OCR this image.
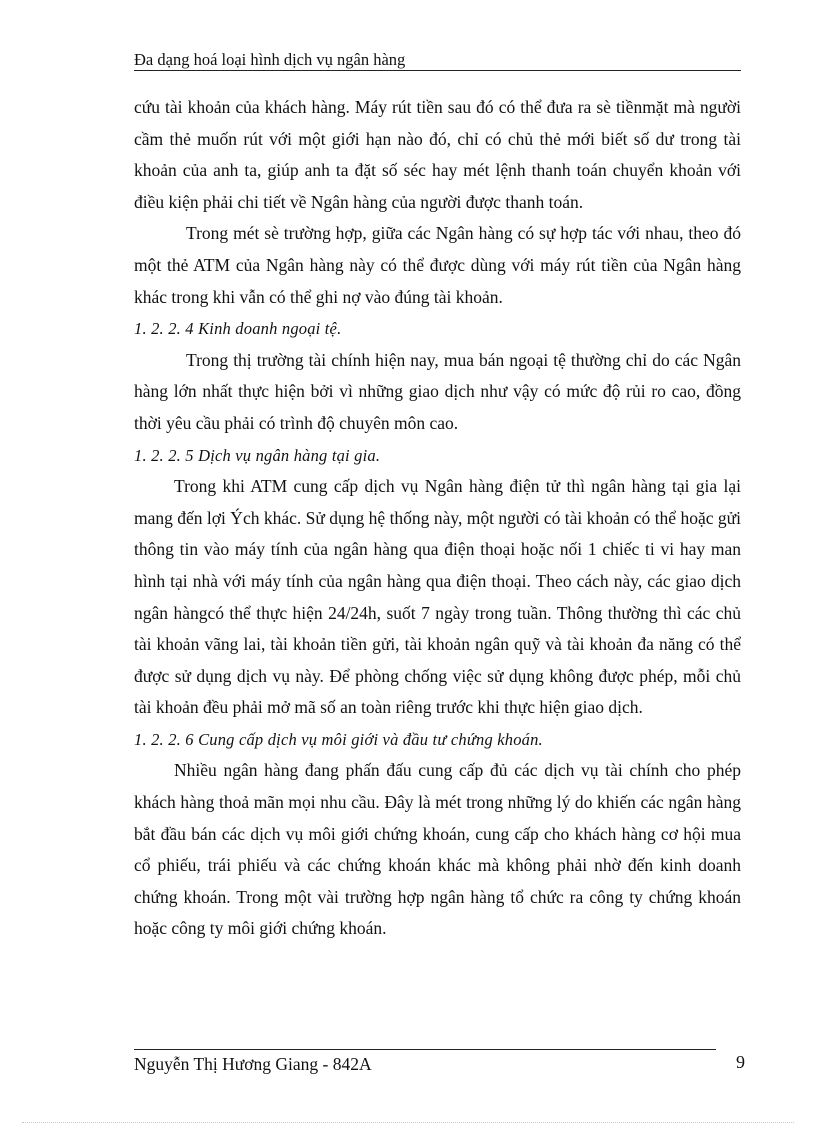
Đa dạng hoá loại hình dịch vụ ngân hàng

cứu tài khoản của khách hàng. Máy rút tiền sau đó có thể đưa ra sè tiềnmặt mà người cầm thẻ muốn rút với một giới hạn nào đó, chỉ có chủ thẻ mới biết số dư trong tài khoản của anh ta, giúp anh ta đặt số séc hay mét lệnh thanh toán chuyển khoản với điều kiện phải chi tiết về Ngân hàng của người được thanh toán.

Trong mét sè trường hợp, giữa các Ngân hàng có sự hợp tác với nhau, theo đó một thẻ ATM của Ngân hàng này có thể được dùng với máy rút tiền của Ngân hàng khác trong khi vẫn có thể ghi nợ vào đúng tài khoản.

1. 2. 2. 4 Kinh doanh ngoại tệ.

Trong thị trường tài chính hiện nay, mua bán ngoại tệ thường chỉ do các Ngân hàng lớn nhất thực hiện bởi vì những giao dịch như vậy có mức độ rủi ro cao, đồng thời yêu cầu phải có trình độ chuyên môn cao.

1. 2. 2. 5 Dịch vụ ngân hàng tại gia.

Trong khi ATM cung cấp dịch vụ Ngân hàng điện tử thì ngân hàng tại gia lại mang đến lợi Ých khác. Sử dụng hệ thống này, một người có tài khoản có thể hoặc gửi thông tin vào máy tính của ngân hàng qua điện thoại hoặc nối 1 chiếc ti vi hay man hình tại nhà với máy tính của ngân hàng qua điện thoại. Theo cách này, các giao dịch ngân hàngcó thể thực hiện 24/24h, suốt 7 ngày trong tuần. Thông thường thì các chủ tài khoản vãng lai, tài khoản tiền gửi, tài khoản ngân quỹ và tài khoản đa năng có thể được sử dụng dịch vụ này. Để phòng chống việc sử dụng không được phép, mỗi chủ tài khoản đều phải mở mã số an toàn riêng trước khi thực hiện giao dịch.

1. 2. 2. 6 Cung cấp dịch vụ môi giới và đầu tư chứng khoán.

Nhiều ngân hàng đang phấn đấu cung cấp đủ các dịch vụ tài chính cho phép khách hàng thoả mãn mọi nhu cầu. Đây là mét trong những lý do khiến các ngân hàng bắt đầu bán các dịch vụ môi giới chứng khoán, cung cấp cho khách hàng cơ hội mua cổ phiếu, trái phiếu và các chứng khoán khác mà không phải nhờ đến kinh doanh chứng khoán. Trong một vài trường hợp ngân hàng tổ chức ra công ty chứng khoán hoặc công ty môi giới chứng khoán.

Nguyễn Thị Hương Giang - 842A	9
